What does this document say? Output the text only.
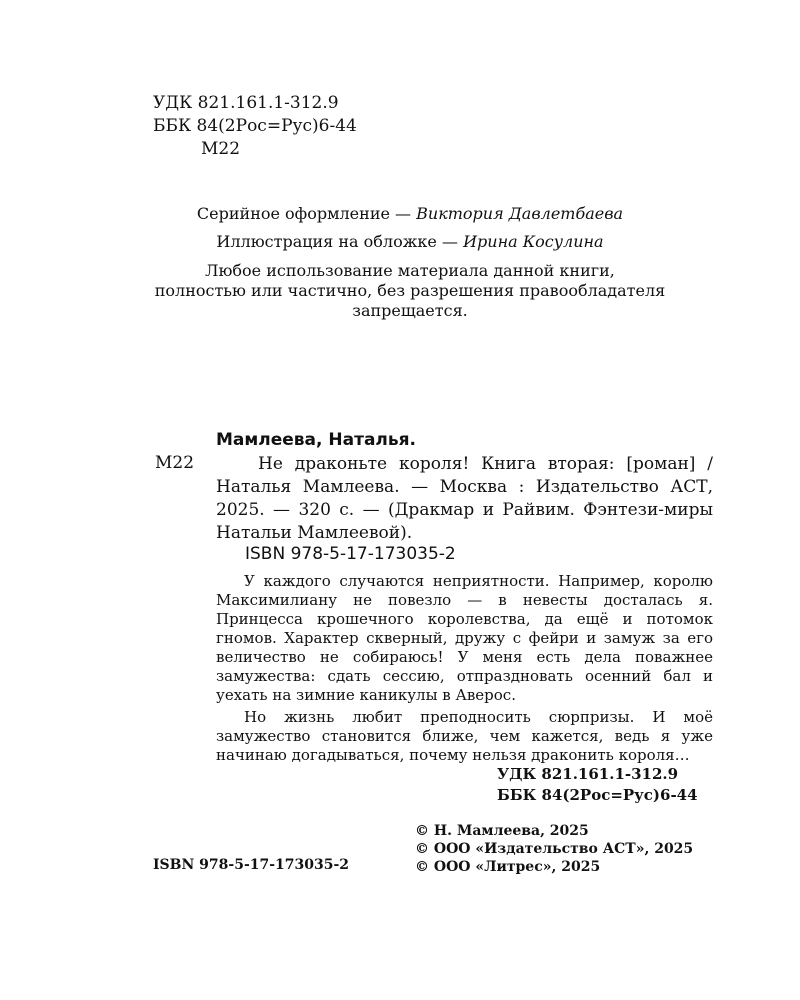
УДК 821.161.1-312.9
ББК 84(2Рос=Рус)6-44
М22
Серийное оформление — Виктория Давлетбаева
Иллюстрация на обложке — Ирина Косулина
Любое использование материала данной книги,
полностью или частично, без разрешения правообладателя
запрещается.
Мамлеева, Наталья.
М22	Не драконьте короля! Книга вторая: [роман] / Наталья Мамлеева. — Москва : Издательство АСТ, 2025. — 320 с. — (Дракмар и Райвим. Фэнтези-миры Натальи Мамлеевой).
ISBN 978-5-17-173035-2

У каждого случаются неприятности. Например, королю Максимилиану не повезло — в невесты досталась я. Принцесса крошечного королевства, да ещё и потомок гномов. Характер скверный, дружу с фейри и замуж за его величество не собираюсь! У меня есть дела поважнее замужества: сдать сессию, отпраздновать осенний бал и уехать на зимние каникулы в Аверос.

Но жизнь любит преподносить сюрпризы. И моё замужество становится ближе, чем кажется, ведь я уже начинаю догадываться, почему нельзя драконить короля…

УДК 821.161.1-312.9
ББК 84(2Рос=Рус)6-44
ISBN 978-5-17-173035-2
© Н. Мамлеева, 2025
© ООО «Издательство АСТ», 2025
© ООО «Литрес», 2025
